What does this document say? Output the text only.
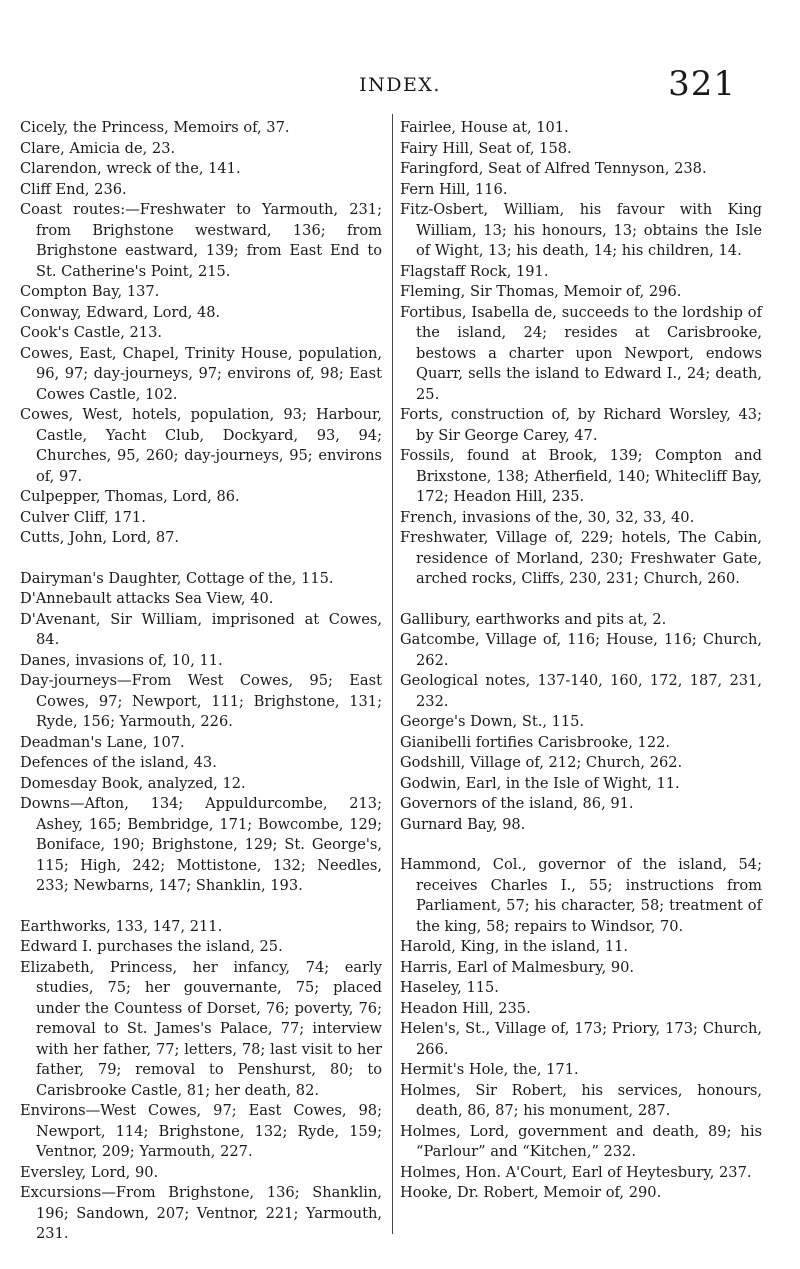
INDEX.	321

Cicely, the Princess, Memoirs of, 37.

Clare, Amicia de, 23.

Clarendon, wreck of the, 141.

Cliff End, 236.

Coast routes:—Freshwater to Yarmouth, 231; from Brighstone westward, 136; from Brighstone eastward, 139; from East End to St. Catherine's Point, 215.

Compton Bay, 137.

Conway, Edward, Lord, 48.

Cook's Castle, 213.

Cowes, East, Chapel, Trinity House, population, 96, 97; day-journeys, 97; environs of, 98; East Cowes Castle, 102.

Cowes, West, hotels, population, 93; Harbour, Castle, Yacht Club, Dockyard, 93, 94; Churches, 95, 260; day-journeys, 95; environs of, 97.

Culpepper, Thomas, Lord, 86.

Culver Cliff, 171.

Cutts, John, Lord, 87.

Dairyman's Daughter, Cottage of the, 115.

D'Annebault attacks Sea View, 40.

D'Avenant, Sir William, imprisoned at Cowes, 84.

Danes, invasions of, 10, 11.

Day-journeys—From West Cowes, 95; East Cowes, 97; Newport, 111; Brighstone, 131; Ryde, 156; Yarmouth, 226.

Deadman's Lane, 107.

Defences of the island, 43.

Domesday Book, analyzed, 12.

Downs—Afton, 134; Appuldurcombe, 213; Ashey, 165; Bembridge, 171; Bowcombe, 129; Boniface, 190; Brighstone, 129; St. George's, 115; High, 242; Mottistone, 132; Needles, 233; Newbarns, 147; Shanklin, 193.

Earthworks, 133, 147, 211.

Edward I. purchases the island, 25.

Elizabeth, Princess, her infancy, 74; early studies, 75; her gouvernante, 75; placed under the Countess of Dorset, 76; poverty, 76; removal to St. James's Palace, 77; interview with her father, 77; letters, 78; last visit to her father, 79; removal to Penshurst, 80; to Carisbrooke Castle, 81; her death, 82.

Environs—West Cowes, 97; East Cowes, 98; Newport, 114; Brighstone, 132; Ryde, 159; Ventnor, 209; Yarmouth, 227.

Eversley, Lord, 90.

Excursions—From Brighstone, 136; Shanklin, 196; Sandown, 207; Ventnor, 221; Yarmouth, 231.

Fairlee, House at, 101.

Fairy Hill, Seat of, 158.

Faringford, Seat of Alfred Tennyson, 238.

Fern Hill, 116.

Fitz-Osbert, William, his favour with King William, 13; his honours, 13; obtains the Isle of Wight, 13; his death, 14; his children, 14.

Flagstaff Rock, 191.

Fleming, Sir Thomas, Memoir of, 296.

Fortibus, Isabella de, succeeds to the lordship of the island, 24; resides at Carisbrooke, bestows a charter upon Newport, endows Quarr, sells the island to Edward I., 24; death, 25.

Forts, construction of, by Richard Worsley, 43; by Sir George Carey, 47.

Fossils, found at Brook, 139; Compton and Brixstone, 138; Atherfield, 140; Whitecliff Bay, 172; Headon Hill, 235.

French, invasions of the, 30, 32, 33, 40.

Freshwater, Village of, 229; hotels, The Cabin, residence of Morland, 230; Freshwater Gate, arched rocks, Cliffs, 230, 231; Church, 260.

Gallibury, earthworks and pits at, 2.

Gatcombe, Village of, 116; House, 116; Church, 262.

Geological notes, 137-140, 160, 172, 187, 231, 232.

George's Down, St., 115.

Gianibelli fortifies Carisbrooke, 122.

Godshill, Village of, 212; Church, 262.

Godwin, Earl, in the Isle of Wight, 11.

Governors of the island, 86, 91.

Gurnard Bay, 98.

Hammond, Col., governor of the island, 54; receives Charles I., 55; instructions from Parliament, 57; his character, 58; treatment of the king, 58; repairs to Windsor, 70.

Harold, King, in the island, 11.

Harris, Earl of Malmesbury, 90.

Haseley, 115.

Headon Hill, 235.

Helen's, St., Village of, 173; Priory, 173; Church, 266.

Hermit's Hole, the, 171.

Holmes, Sir Robert, his services, honours, death, 86, 87; his monument, 287.

Holmes, Lord, government and death, 89; his “Parlour” and “Kitchen,” 232.

Holmes, Hon. A'Court, Earl of Heytesbury, 237.

Hooke, Dr. Robert, Memoir of, 290.
